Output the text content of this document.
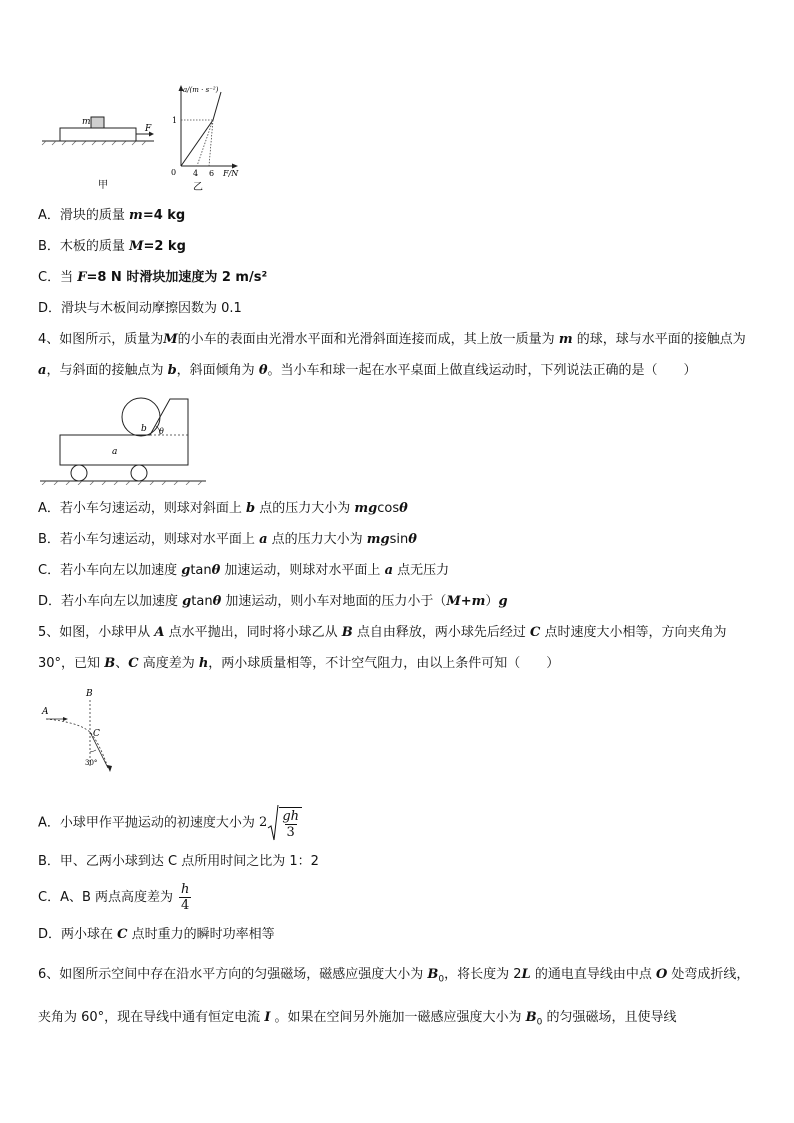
m
F
甲
a/(m · s⁻²)
1
0 4 6 F/N
乙
A．滑块的质量 m=4 kg
B．木板的质量 M=2 kg
C．当 F=8 N 时滑块加速度为 2 m/s²
D．滑块与木板间动摩擦因数为 0.1
4、如图所示，质量为M的小车的表面由光滑水平面和光滑斜面连接而成，其上放一质量为 m 的球，球与水平面的接触点为 a，与斜面的接触点为 b，斜面倾角为 θ。当小车和球一起在水平桌面上做直线运动时，下列说法正确的是（　　）
b θ
a
A．若小车匀速运动，则球对斜面上 b 点的压力大小为 mgcosθ
B．若小车匀速运动，则球对水平面上 a 点的压力大小为 mgsinθ
C．若小车向左以加速度 gtanθ 加速运动，则球对水平面上 a 点无压力
D．若小车向左以加速度 gtanθ 加速运动，则小车对地面的压力小于（M+m）g
5、如图，小球甲从 A 点水平抛出，同时将小球乙从 B 点自由释放，两小球先后经过 C 点时速度大小相等，方向夹角为 30°，已知 B、C 高度差为 h，两小球质量相等，不计空气阻力，由以上条件可知（　　）
B
A
C
30°
A．小球甲作平抛运动的初速度大小为 $2 \frac{gh}{3}$
B．甲、乙两小球到达 C 点所用时间之比为 1：2
C．A、B 两点高度差为 $\frac{h}{4}$
D．两小球在 C 点时重力的瞬时功率相等
6、如图所示空间中存在沿水平方向的匀强磁场，磁感应强度大小为 $B_0$，将长度为 2L 的通电直导线由中点 O 处弯成折线，夹角为 60°，现在导线中通有恒定电流 I 。如果在空间另外施加一磁感应强度大小为 $B_0$ 的匀强磁场，且使导线
